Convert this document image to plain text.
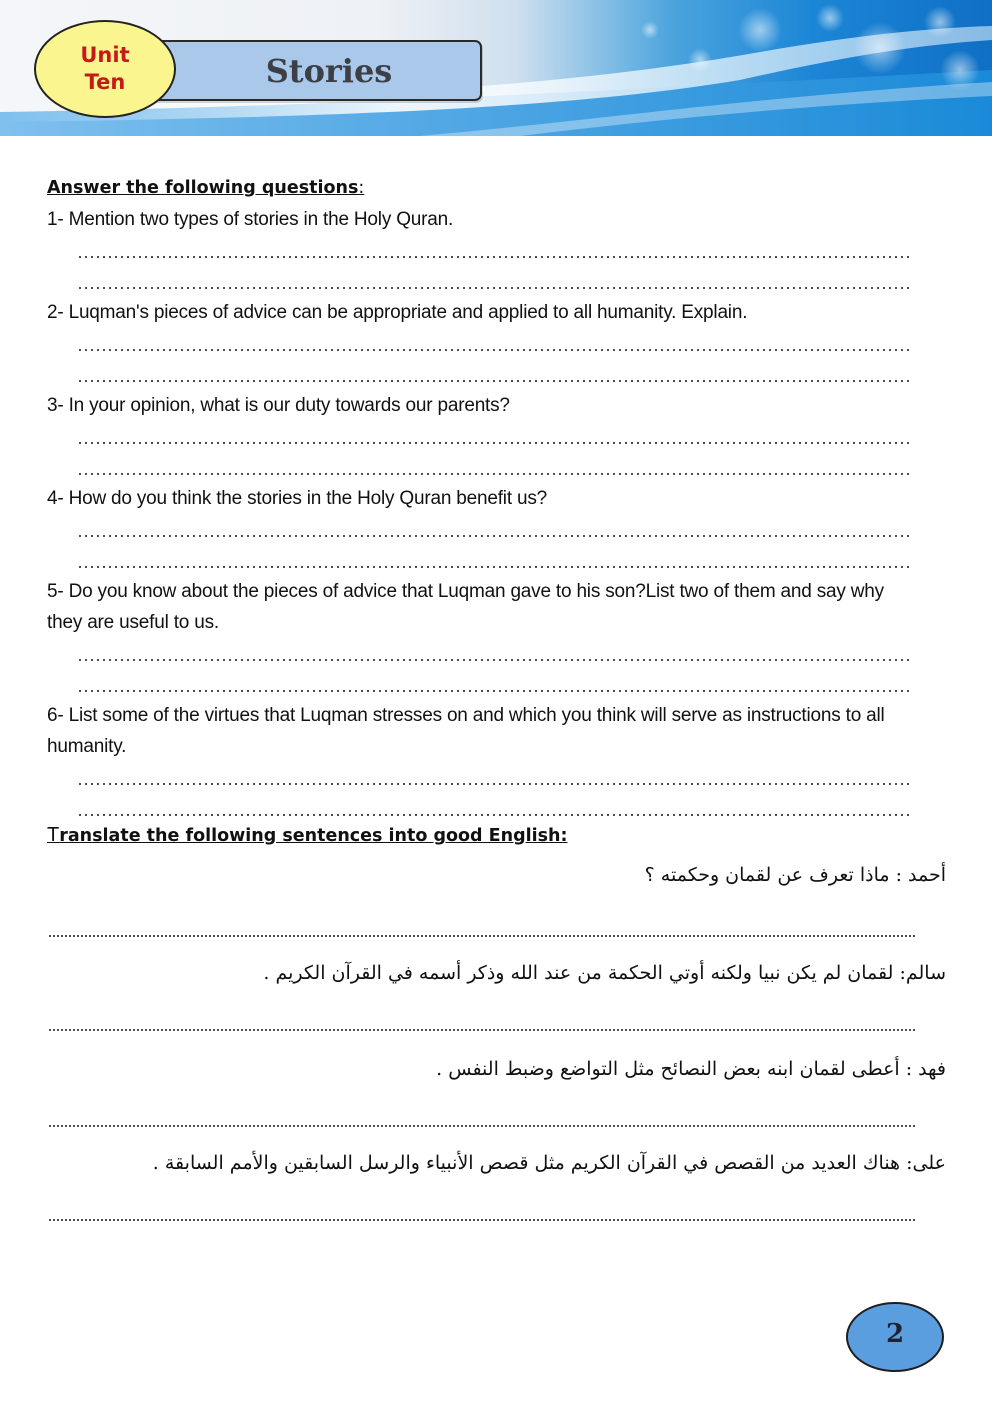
Unit
Ten	Stories

Answer the following questions:

1- Mention two types of stories in the Holy Quran.

2- Luqman's pieces of advice can be appropriate and applied to all humanity. Explain.

3- In your opinion, what is our duty towards our parents?

4- How do you think the stories in the Holy Quran benefit us?

5- Do you know about the pieces of advice that Luqman gave to his son?List two of them and say why they are useful to us.

6- List some of the virtues that Luqman stresses on and which you think will serve as instructions to all humanity.

Translate the following sentences into good English:

أحمد : ماذا تعرف عن لقمان وحكمته ؟

سالم: لقمان لم يكن نبيا ولكنه أوتي الحكمة من عند الله وذكر أسمه في القرآن الكريم .

فهد : أعطى لقمان ابنه بعض النصائح مثل التواضع وضبط النفس .

على: هناك العديد من القصص في القرآن الكريم مثل قصص الأنبياء والرسل السابقين والأمم السابقة .

2
